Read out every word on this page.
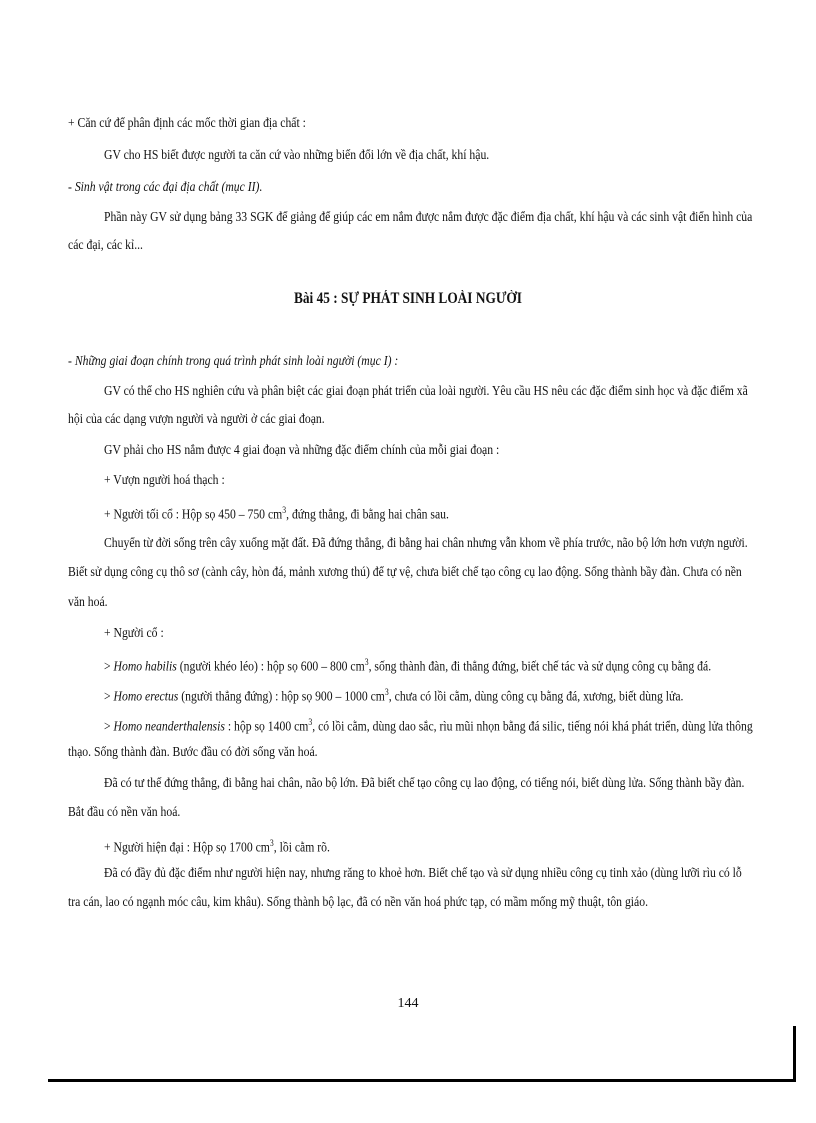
+ Căn cứ để phân định các mốc thời gian địa chất :

GV cho HS biết được người ta căn cứ vào những biến đổi lớn về địa chất, khí hậu.

- Sinh vật trong các đại địa chất (mục II).

Phần này GV sử dụng bảng 33 SGK để giảng để giúp các em nắm được nắm được đặc điểm địa chất, khí hậu và các sinh vật điển hình của

các đại, các kỉ...

Bài 45 : SỰ PHÁT SINH LOÀI NGƯỜI

- Những giai đoạn chính trong quá trình phát sinh loài người (mục I) :

GV có thể cho HS nghiên cứu và phân biệt các giai đoạn phát triển của loài người. Yêu cầu HS nêu các đặc điểm sinh học và đặc điểm xã

hội của các dạng vượn người và người ở các giai đoạn.

GV phải cho HS nắm được 4 giai đoạn và những đặc điểm chính của mỗi giai đoạn :

+ Vượn người hoá thạch :

+ Người tối cổ : Hộp sọ 450 – 750 $cm^3$, đứng thẳng, đi bằng hai chân sau.

Chuyển từ đời sống trên cây xuống mặt đất. Đã đứng thẳng, đi bằng hai chân nhưng vẫn khom về phía trước, não bộ lớn hơn vượn người.

Biết sử dụng công cụ thô sơ (cành cây, hòn đá, mảnh xương thú) để tự vệ, chưa biết chế tạo công cụ lao động. Sống thành bầy đàn. Chưa có nền

văn hoá.

+ Người cổ :

> Homo habilis (người khéo léo) : hộp sọ 600 – 800 $cm^3$, sống thành đàn, đi thẳng đứng, biết chế tác và sử dụng công cụ bằng đá.

> Homo erectus (người thẳng đứng) : hộp sọ 900 – 1000 $cm^3$, chưa có lồi cằm, dùng công cụ bằng đá, xương, biết dùng lửa.

> Homo neanderthalensis : hộp sọ 1400 $cm^3$, có lồi cằm, dùng dao sắc, rìu mũi nhọn bằng đá silic, tiếng nói khá phát triển, dùng lửa thông

thạo. Sống thành đàn. Bước đầu có đời sống văn hoá.

Đã có tư thế đứng thẳng, đi bằng hai chân, não bộ lớn. Đã biết chế tạo công cụ lao động, có tiếng nói, biết dùng lửa. Sống thành bầy đàn.

Bắt đầu có nền văn hoá.

+ Người hiện đại : Hộp sọ 1700 $cm^3$, lồi cằm rõ.

Đã có đầy đủ đặc điểm như người hiện nay, nhưng răng to khoẻ hơn. Biết chế tạo và sử dụng nhiều công cụ tinh xảo (dùng lưỡi rìu có lỗ

tra cán, lao có ngạnh móc câu, kim khâu). Sống thành bộ lạc, đã có nền văn hoá phức tạp, có mầm mống mỹ thuật, tôn giáo.

144
